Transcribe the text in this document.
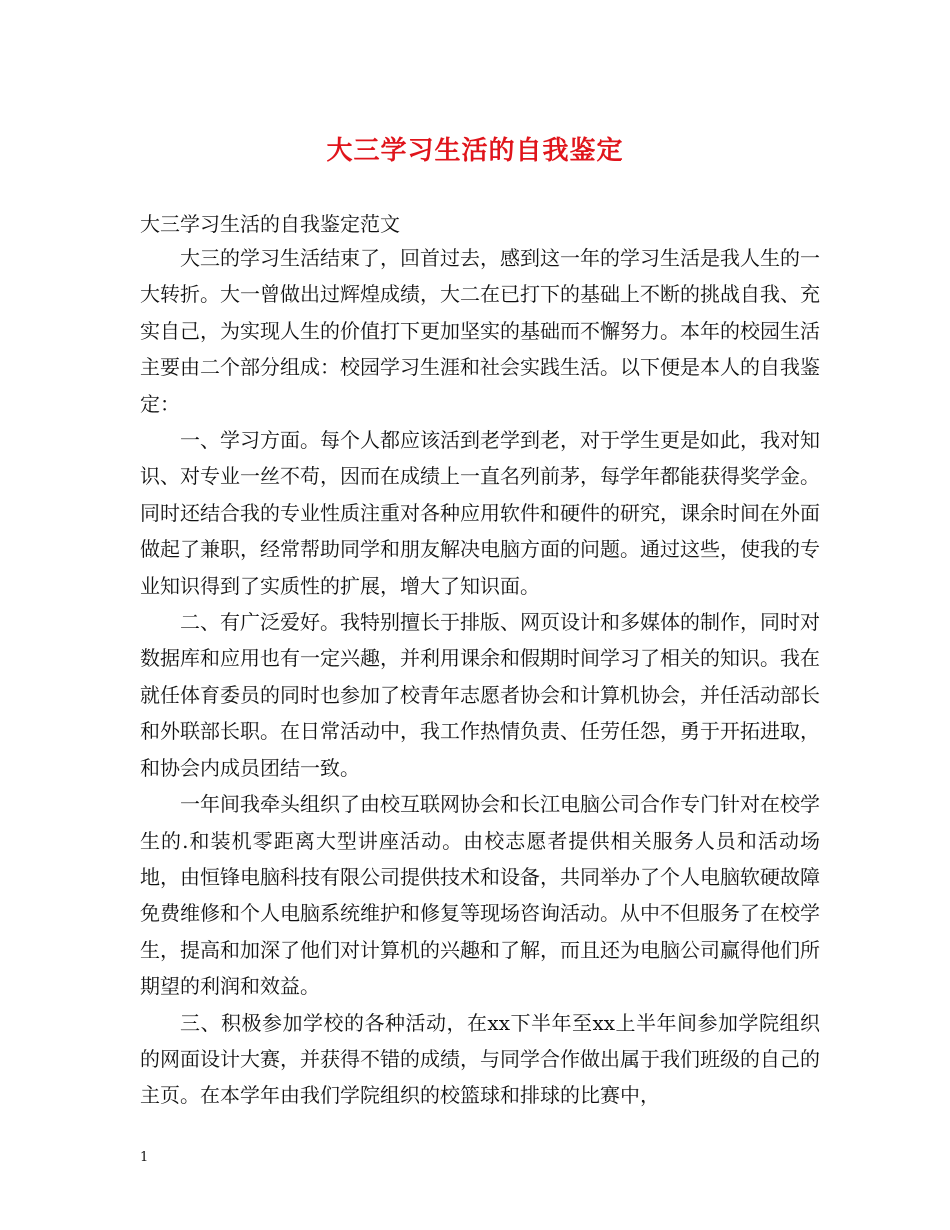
大三学习生活的自我鉴定

大三学习生活的自我鉴定范文

大三的学习生活结束了，回首过去，感到这一年的学习生活是我人生的一大转折。大一曾做出过辉煌成绩，大二在已打下的基础上不断的挑战自我、充实自己，为实现人生的价值打下更加坚实的基础而不懈努力。本年的校园生活主要由二个部分组成：校园学习生涯和社会实践生活。以下便是本人的自我鉴定：

一、学习方面。每个人都应该活到老学到老，对于学生更是如此，我对知识、对专业一丝不苟，因而在成绩上一直名列前茅，每学年都能获得奖学金。同时还结合我的专业性质注重对各种应用软件和硬件的研究，课余时间在外面做起了兼职，经常帮助同学和朋友解决电脑方面的问题。通过这些，使我的专业知识得到了实质性的扩展，增大了知识面。

二、有广泛爱好。我特别擅长于排版、网页设计和多媒体的制作，同时对数据库和应用也有一定兴趣，并利用课余和假期时间学习了相关的知识。我在就任体育委员的同时也参加了校青年志愿者协会和计算机协会，并任活动部长和外联部长职。在日常活动中，我工作热情负责、任劳任怨，勇于开拓进取，和协会内成员团结一致。

一年间我牵头组织了由校互联网协会和长江电脑公司合作专门针对在校学生的.和装机零距离大型讲座活动。由校志愿者提供相关服务人员和活动场地，由恒锋电脑科技有限公司提供技术和设备，共同举办了个人电脑软硬故障免费维修和个人电脑系统维护和修复等现场咨询活动。从中不但服务了在校学生，提高和加深了他们对计算机的兴趣和了解，而且还为电脑公司赢得他们所期望的利润和效益。

三、积极参加学校的各种活动，在xx下半年至xx上半年间参加学院组织的网面设计大赛，并获得不错的成绩，与同学合作做出属于我们班级的自己的主页。在本学年由我们学院组织的校篮球和排球的比赛中，

1
